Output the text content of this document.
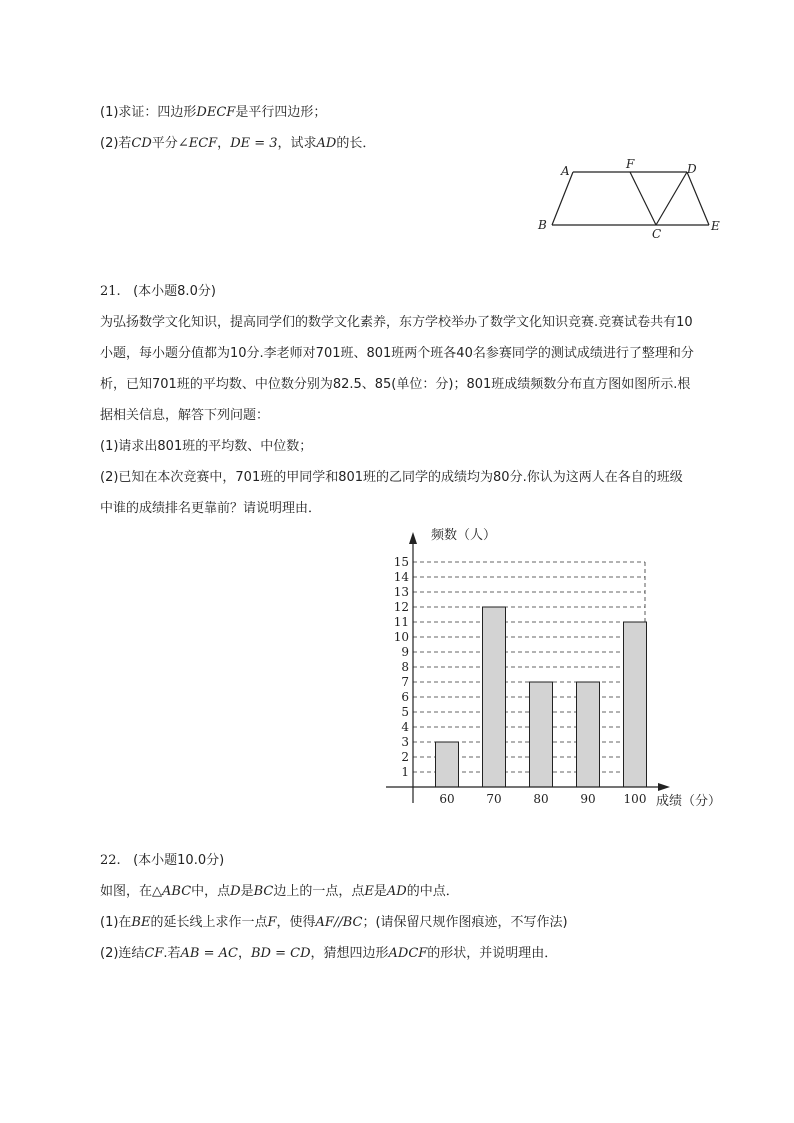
(1)求证：四边形DECF是平行四边形；
(2)若CD平分∠ECF，DE = 3，试求AD的长．
A	F	D
B
C
E
21. (本小题8.0分)
为弘扬数学文化知识，提高同学们的数学文化素养，东方学校举办了数学文化知识竞赛.竞赛试卷共有10
小题，每小题分值都为10分.李老师对701班、801班两个班各40名参赛同学的测试成绩进行了整理和分
析，已知701班的平均数、中位数分别为82.5、85(单位：分)；801班成绩频数分布直方图如图所示.根
据相关信息，解答下列问题：
(1)请求出801班的平均数、中位数；
(2)已知在本次竞赛中，701班的甲同学和801班的乙同学的成绩均为80分.你认为这两人在各自的班级
中谁的成绩排名更靠前？请说明理由．
1
2
3
4
5
6
7
8
9
10
11
12
13
14
15
60	70	80	90 100
频数（人）
成绩（分）
22. (本小题10.0分)
如图，在△ABC中，点D是BC边上的一点，点E是AD的中点．
(1)在BE的延长线上求作一点F，使得AF//BC；(请保留尺规作图痕迹，不写作法)
(2)连结CF.若AB = AC，BD = CD，猜想四边形ADCF的形状，并说明理由．
